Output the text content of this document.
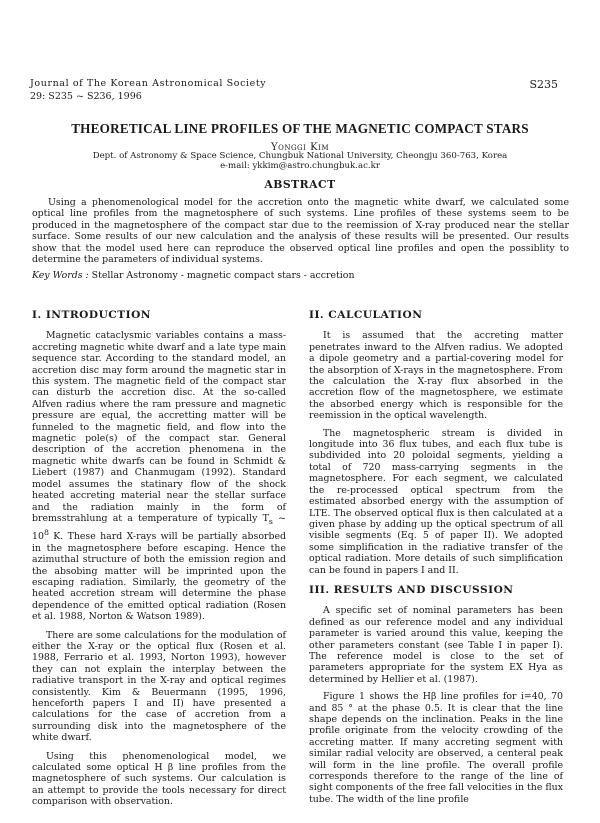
Journal of The Korean Astronomical Society
29: S235 ~ S236, 1996
S235
THEORETICAL LINE PROFILES OF THE MAGNETIC COMPACT STARS
Yonggi Kim
Dept. of Astronomy & Space Science, Chungbuk National University, Cheongju 360-763, Korea
e-mail: ykkim@astro.chungbuk.ac.kr
ABSTRACT
Using a phenomenological model for the accretion onto the magnetic white dwarf, we calculated some optical line profiles from the magnetosphere of such systems. Line profiles of these systems seem to be produced in the magnetosphere of the compact star due to the reemission of X-ray produced near the stellar surface. Some results of our new calculation and the analysis of these results will be presented. Our results show that the model used here can reproduce the observed optical line profiles and open the possiblity to determine the parameters of individual systems.
Key Words : Stellar Astronomy - magnetic compact stars - accretion
I. INTRODUCTION

Magnetic cataclysmic variables contains a mass-accreting magnetic white dwarf and a late type main sequence star. According to the standard model, an accretion disc may form around the magnetic star in this system. The magnetic field of the compact star can disturb the accretion disc. At the so-called Alfven radius where the ram pressure and magnetic pressure are equal, the accretting matter will be funneled to the magnetic field, and flow into the magnetic pole(s) of the compact star. General description of the accretion phenomena in the magnetic white dwarfs can be found in Schmidt & Liebert (1987) and Chanmugam (1992). Standard model assumes the statinary flow of the shock heated accreting material near the stellar surface and the radiation mainly in the form of bremsstrahlung at a temperature of typically $T_s$ ~ $10^8$ K. These hard X-rays will be partially absorbed in the magnetosphere before escaping. Hence the azimuthal structure of both the emission region and the absobing matter will be imprinted upon the escaping radiation. Similarly, the geometry of the heated accretion stream will determine the phase dependence of the emitted optical radiation (Rosen et al. 1988, Norton & Watson 1989).

There are some calculations for the modulation of either the X-ray or the optical flux (Rosen et al. 1988, Ferrario et al. 1993, Norton 1993), however they can not explain the interplay between the radiative transport in the X-ray and optical regimes consistently. Kim & Beuermann (1995, 1996, henceforth papers I and II) have presented a calculations for the case of accretion from a surrounding disk into the magnetosphere of the white dwarf.

Using this phenomenological model, we calculated some optical H β line profiles from the magnetosphere of such systems. Our calculation is an attempt to provide the tools necessary for direct comparison with observation.

II. CALCULATION

It is assumed that the accreting matter penetrates inward to the Alfven radius. We adopted a dipole geometry and a partial-covering model for the absorption of X-rays in the magnetosphere. From the calculation the X-ray flux absorbed in the accretion flow of the magnetosphere, we estimate the absorbed energy which is responsible for the reemission in the optical wavelength.

The magnetospheric stream is divided in longitude into 36 flux tubes, and each flux tube is subdivided into 20 poloidal segments, yielding a total of 720 mass-carrying segments in the magnetosphere. For each segment, we calculated the re-processed optical spectrum from the estimated absorbed energy with the assumption of LTE. The observed optical flux is then calculated at a given phase by adding up the optical spectrum of all visible segments (Eq. 5 of paper II). We adopted some simplification in the radiative transfer of the optical radiation. More details of such simplification can be found in papers I and II.

III. RESULTS AND DISCUSSION

A specific set of nominal parameters has been defined as our reference model and any individual parameter is varied around this value, keeping the other parameters constant (see Table I in paper I). The reference model is close to the set of parameters appropriate for the system EX Hya as determined by Hellier et al. (1987).

Figure 1 shows the Hβ line profiles for i=40, 70 and 85 ° at the phase 0.5. It is clear that the line shape depends on the inclination. Peaks in the line profile originate from the velocity crowding of the accreting matter. If many accreting segment with similar radial velocity are observed, a centeral peak will form in the line profile. The overall profile corresponds therefore to the range of the line of sight components of the free fall velocities in the flux tube. The width of the line profile
